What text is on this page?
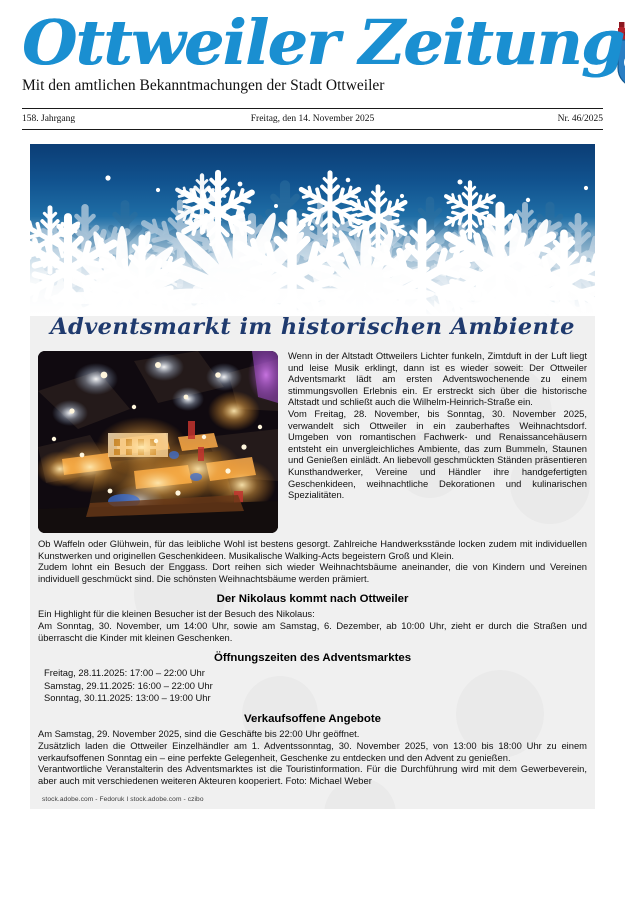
Ottweiler Zeitung
Mit den amtlichen Bekanntmachungen der Stadt Ottweiler
158. Jahrgang	Freitag, den 14. November 2025	Nr. 46/2025
Adventsmarkt im historischen Ambiente

Wenn in der Altstadt Ottweilers Lichter funkeln, Zimtduft in der Luft liegt und leise Musik erklingt, dann ist es wieder soweit: Der Ottweiler Adventsmarkt lädt am ersten Adventswochenende zu einem stimmungsvollen Erlebnis ein. Er erstreckt sich über die historische Altstadt und schließt auch die Wilhelm-Heinrich-Straße ein.

Vom Freitag, 28. November, bis Sonntag, 30. November 2025, verwandelt sich Ottweiler in ein zauberhaftes Weihnachtsdorf. Umgeben von romantischen Fachwerk- und Renaissancehäusern entsteht ein unvergleichliches Ambiente, das zum Bummeln, Staunen und Genießen einlädt. An liebevoll geschmückten Ständen präsentieren Kunsthandwerker, Vereine und Händler ihre handgefertigten Geschenkideen, weihnachtliche Dekorationen und kulinarischen Spezialitäten.

Ob Waffeln oder Glühwein, für das leibliche Wohl ist bestens gesorgt. Zahlreiche Handwerksstände locken zudem mit individuellen Kunstwerken und originellen Geschenkideen. Musikalische Walking-Acts begeistern Groß und Klein.

Zudem lohnt ein Besuch der Enggass. Dort reihen sich wieder Weihnachtsbäume aneinander, die von Kindern und Vereinen individuell geschmückt sind. Die schönsten Weihnachtsbäume werden prämiert.

Der Nikolaus kommt nach Ottweiler

Ein Highlight für die kleinen Besucher ist der Besuch des Nikolaus:

Am Sonntag, 30. November, um 14:00 Uhr, sowie am Samstag, 6. Dezember, ab 10:00 Uhr, zieht er durch die Straßen und überrascht die Kinder mit kleinen Geschenken.

Öffnungszeiten des Adventsmarktes
Freitag, 28.11.2025: 17:00 – 22:00 Uhr
Samstag, 29.11.2025: 16:00 – 22:00 Uhr
Sonntag, 30.11.2025: 13:00 – 19:00 Uhr
Verkaufsoffene Angebote

Am Samstag, 29. November 2025, sind die Geschäfte bis 22:00 Uhr geöffnet.

Zusätzlich laden die Ottweiler Einzelhändler am 1. Adventssonntag, 30. November 2025, von 13:00 bis 18:00 Uhr zu einem verkaufsoffenen Sonntag ein – eine perfekte Gelegenheit, Geschenke zu entdecken und den Advent zu genießen.

Verantwortliche Veranstalterin des Adventsmarktes ist die Touristinformation. Für die Durchführung wird mit dem Gewerbeverein, aber auch mit verschiedenen weiteren Akteuren kooperiert. Foto: Michael Weber

stock.adobe.com - Fedoruk I stock.adobe.com - czibo
